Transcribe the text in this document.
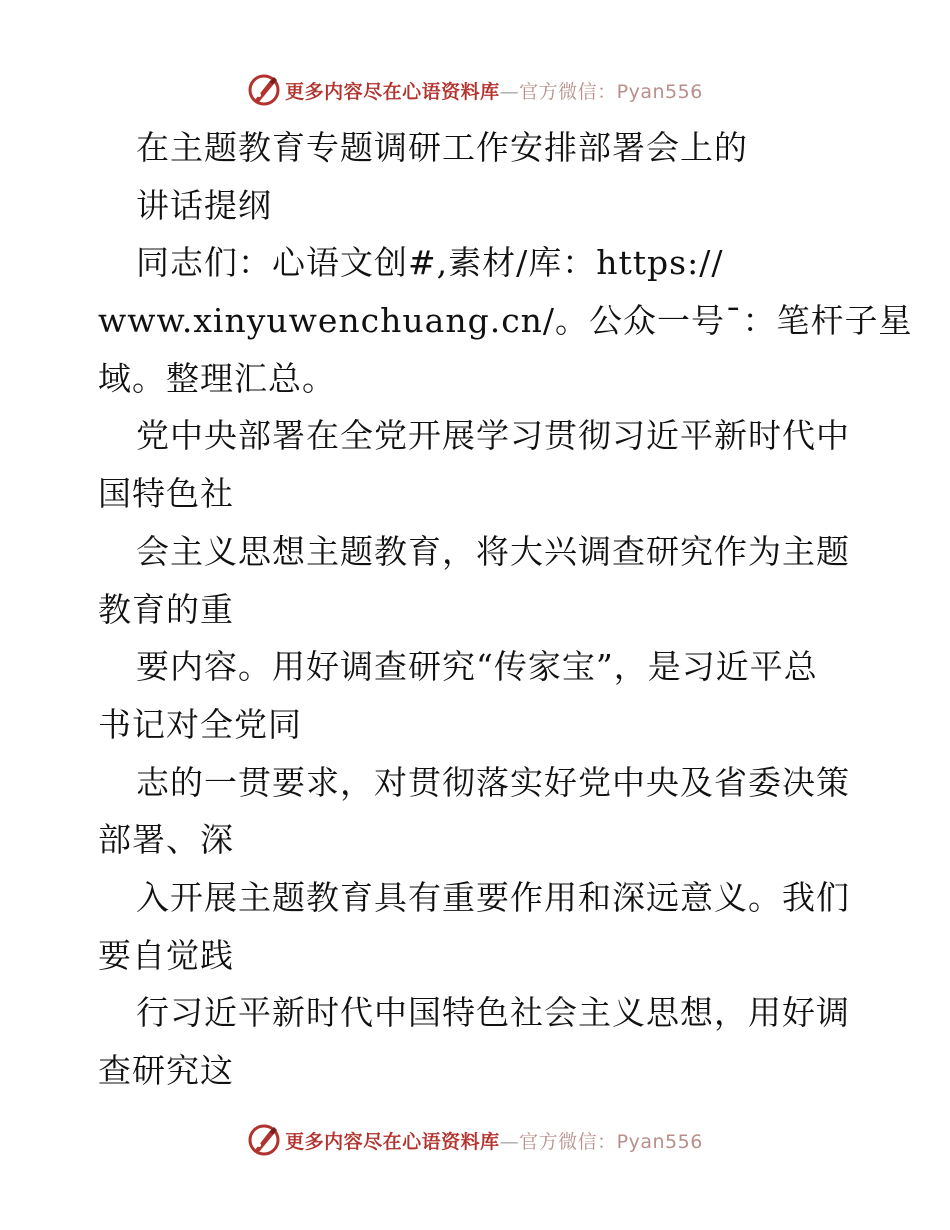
更多内容尽在心语资料库—官方微信：Pyan556
在主题教育专题调研工作安排部署会上的
讲话提纲
同志们：心语文创#,素材/库：https://
www.xinyuwenchuang.cn/。公众一号¯：笔杆子星
域。整理汇总。
党中央部署在全党开展学习贯彻习近平新时代中
国特色社
会主义思想主题教育，将大兴调查研究作为主题
教育的重
要内容。用好调查研究“传家宝”，是习近平总
书记对全党同
志的一贯要求，对贯彻落实好党中央及省委决策
部署、深
入开展主题教育具有重要作用和深远意义。我们
要自觉践
行习近平新时代中国特色社会主义思想，用好调
查研究这
更多内容尽在心语资料库—官方微信：Pyan556
